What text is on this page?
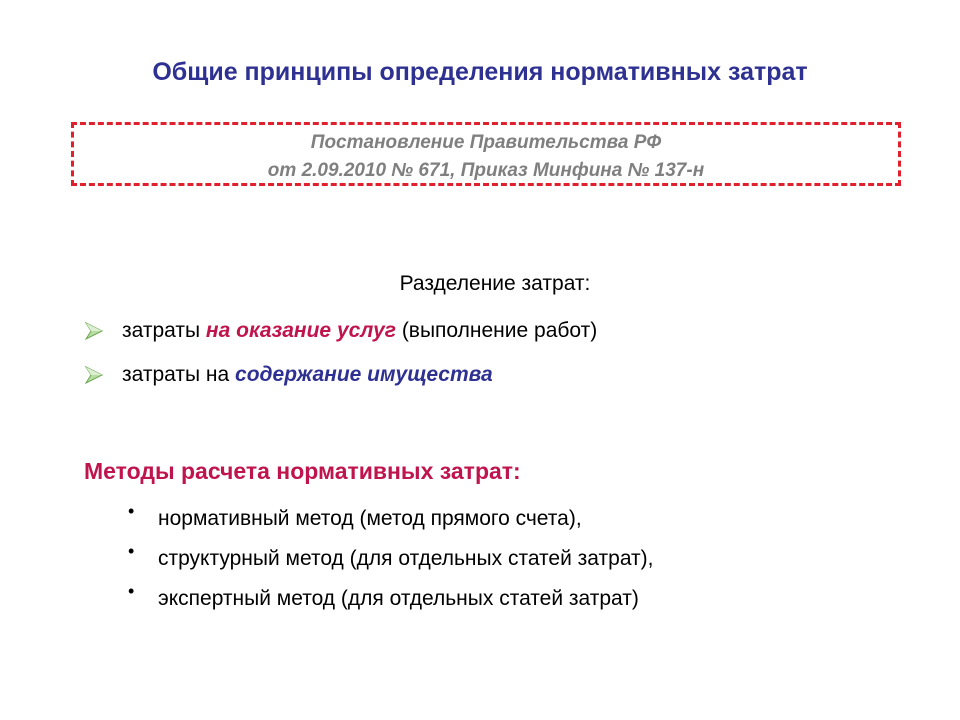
Общие принципы определения нормативных затрат
Постановление Правительства РФ
от 2.09.2010 № 671, Приказ Минфина № 137-н
Разделение затрат:
затраты на оказание услуг (выполнение работ)
затраты на содержание имущества
Методы расчета нормативных затрат:
• нормативный метод (метод прямого счета),
• структурный метод (для отдельных статей затрат),
• экспертный метод (для отдельных статей затрат)
